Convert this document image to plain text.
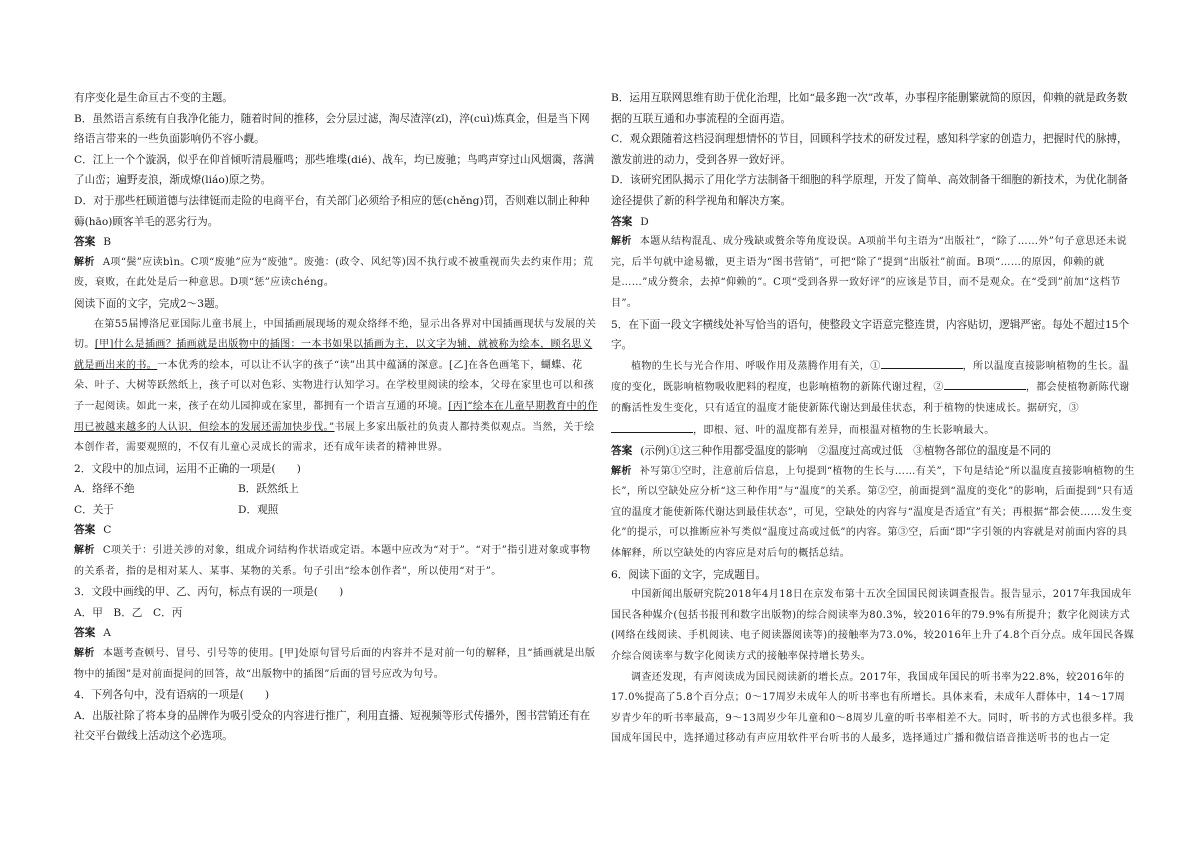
有序变化是生命亘古不变的主题。

B．虽然语言系统有自我净化能力，随着时间的推移，会分层过滤，淘尽渣滓(zǐ)，淬(cuì)炼真金，但是当下网络语言带来的一些负面影响仍不容小觑。

C．江上一个个漩涡，似乎在仰首倾听清晨雁鸣；那些堆堞(dié)、战车，均已废驰；鸟鸣声穿过山风烟霭，落满了山峦；遍野麦浪，渐成燎(liáo)原之势。

D．对于那些枉顾道德与法律铤而走险的电商平台，有关部门必须给予相应的惩(chěng)罚，否则难以制止种种薅(hāo)顾客羊毛的恶劣行为。

答案 B

解析 A项“鬓”应读bìn。C项“废驰”应为“废弛”。废弛：(政令、风纪等)因不执行或不被重视而失去约束作用；荒废，衰败，在此处是后一种意思。D项“惩”应读chéng。

阅读下面的文字，完成2～3题。

在第55届博洛尼亚国际儿童书展上，中国插画展现场的观众络绎不绝，显示出各界对中国插画现状与发展的关切。[甲]什么是插画？插画就是出版物中的插图：一本书如果以插画为主，以文字为辅，就被称为绘本，顾名思义就是画出来的书。一本优秀的绘本，可以让不认字的孩子“读”出其中蕴涵的深意。[乙]在各色画笔下，蝴蝶、花朵、叶子、大树等跃然纸上，孩子可以对色彩、实物进行认知学习。在学校里阅读的绘本，父母在家里也可以和孩子一起阅读。如此一来，孩子在幼儿园抑或在家里，都拥有一个语言互通的环境。[丙]“绘本在儿童早期教育中的作用已被越来越多的人认识，但绘本的发展还需加快步伐。”书展上多家出版社的负责人都持类似观点。当然，关于绘本创作者，需要观照的，不仅有儿童心灵成长的需求，还有成年读者的精神世界。

2．文段中的加点词，运用不正确的一项是(　　)

A．络绎不绝	B．跃然纸上
C．关于	D．观照

答案 C

解析 C项关于：引进关涉的对象，组成介词结构作状语或定语。本题中应改为“对于”。“对于”指引进对象或事物的关系者，指的是相对某人、某事、某物的关系。句子引出“绘本创作者”，所以使用“对于”。

3．文段中画线的甲、乙、丙句，标点有误的一项是(　　)

A．甲　B．乙　C．丙

答案 A

解析 本题考查顿号、冒号、引号等的使用。[甲]处原句冒号后面的内容并不是对前一句的解释，且“插画就是出版物中的插图”是对前面提问的回答，故“出版物中的插图”后面的冒号应改为句号。

4．下列各句中，没有语病的一项是(　　)

A．出版社除了将本身的品牌作为吸引受众的内容进行推广，利用直播、短视频等形式传播外，图书营销还有在社交平台做线上活动这个必选项。

B．运用互联网思维有助于优化治理，比如“最多跑一次”改革，办事程序能删繁就简的原因，仰赖的就是政务数据的互联互通和办事流程的全面再造。

C．观众跟随着这档浸润理想情怀的节目，回顾科学技术的研发过程，感知科学家的创造力，把握时代的脉搏，激发前进的动力，受到各界一致好评。

D．该研究团队揭示了用化学方法制备干细胞的科学原理，开发了简单、高效制备干细胞的新技术，为优化制备途径提供了新的科学视角和解决方案。

答案 D

解析 本题从结构混乱、成分残缺或赘余等角度设误。A项前半句主语为“出版社”，“除了……外”句子意思还未说完，后半句就中途易辙，更主语为“图书营销”，可把“除了”提到“出版社”前面。B项“……的原因，仰赖的就是……”成分赘余，去掉“仰赖的”。C项“受到各界一致好评”的应该是节目，而不是观众。在“受到”前加“这档节目”。

5．在下面一段文字横线处补写恰当的语句，使整段文字语意完整连贯，内容贴切，逻辑严密。每处不超过15个字。

植物的生长与光合作用、呼吸作用及蒸腾作用有关，①	，所以温度直接影响植物的生长。温度的变化，既影响植物吸收肥料的程度，也影响植物的新陈代谢过程，②	，都会使植物新陈代谢的酶活性发生变化，只有适宜的温度才能使新陈代谢达到最佳状态，利于植物的快速成长。据研究，③，即根、冠、叶的温度都有差异，而根温对植物的生长影响最大。

答案 (示例)①这三种作用都受温度的影响　②温度过高或过低　③植物各部位的温度是不同的

解析 补写第①空时，注意前后信息，上句提到“植物的生长与……有关”，下句是结论“所以温度直接影响植物的生长”，所以空缺处应分析“这三种作用”与“温度”的关系。第②空，前面提到“温度的变化”的影响，后面提到“只有适宜的温度才能使新陈代谢达到最佳状态”，可见，空缺处的内容与“温度是否适宜”有关；再根据“都会使……发生变化”的提示，可以推断应补写类似“温度过高或过低”的内容。第③空，后面“即”字引领的内容就是对前面内容的具体解释，所以空缺处的内容应是对后句的概括总结。

6．阅读下面的文字，完成题目。

中国新闻出版研究院2018年4月18日在京发布第十五次全国国民阅读调查报告。报告显示，2017年我国成年国民各种媒介(包括书报刊和数字出版物)的综合阅读率为80.3%，较2016年的79.9%有所提升；数字化阅读方式(网络在线阅读、手机阅读、电子阅读器阅读等)的接触率为73.0%，较2016年上升了4.8个百分点。成年国民各媒介综合阅读率与数字化阅读方式的接触率保持增长势头。

调查还发现，有声阅读成为国民阅读新的增长点。2017年，我国成年国民的听书率为22.8%，较2016年的17.0%提高了5.8个百分点；0～17周岁未成年人的听书率也有所增长。具体来看，未成年人群体中，14～17周岁青少年的听书率最高，9～13周岁少年儿童和0～8周岁儿童的听书率相差不大。同时，听书的方式也很多样。我国成年国民中，选择通过移动有声应用软件平台听书的人最多，选择通过广播和微信语音推送听书的也占一定
